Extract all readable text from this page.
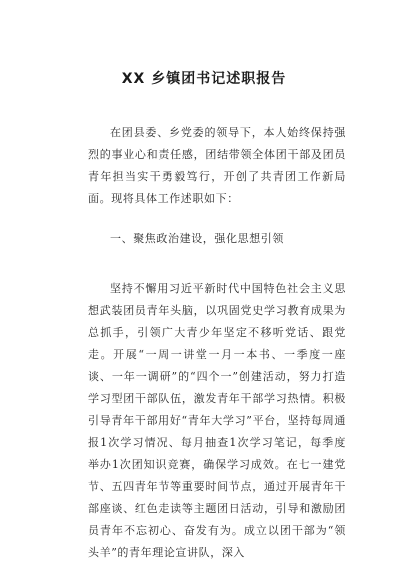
XX 乡镇团书记述职报告

在团县委、乡党委的领导下，本人始终保持强烈的事业心和责任感，团结带领全体团干部及团员青年担当实干勇毅笃行，开创了共青团工作新局面。现将具体工作述职如下：

一、聚焦政治建设，强化思想引领

坚持不懈用习近平新时代中国特色社会主义思想武装团员青年头脑，以巩固党史学习教育成果为总抓手，引领广大青少年坚定不移听党话、跟党走。开展“一周一讲堂一月一本书、一季度一座谈、一年一调研”的“四个一”创建活动，努力打造学习型团干部队伍，激发青年干部学习热情。积极引导青年干部用好“青年大学习”平台，坚持每周通报1次学习情况、每月抽查1次学习笔记，每季度举办1次团知识竞赛，确保学习成效。在七一建党节、五四青年节等重要时间节点，通过开展青年干部座谈、红色走读等主题团日活动，引导和激励团员青年不忘初心、奋发有为。成立以团干部为“领头羊”的青年理论宣讲队，深入
